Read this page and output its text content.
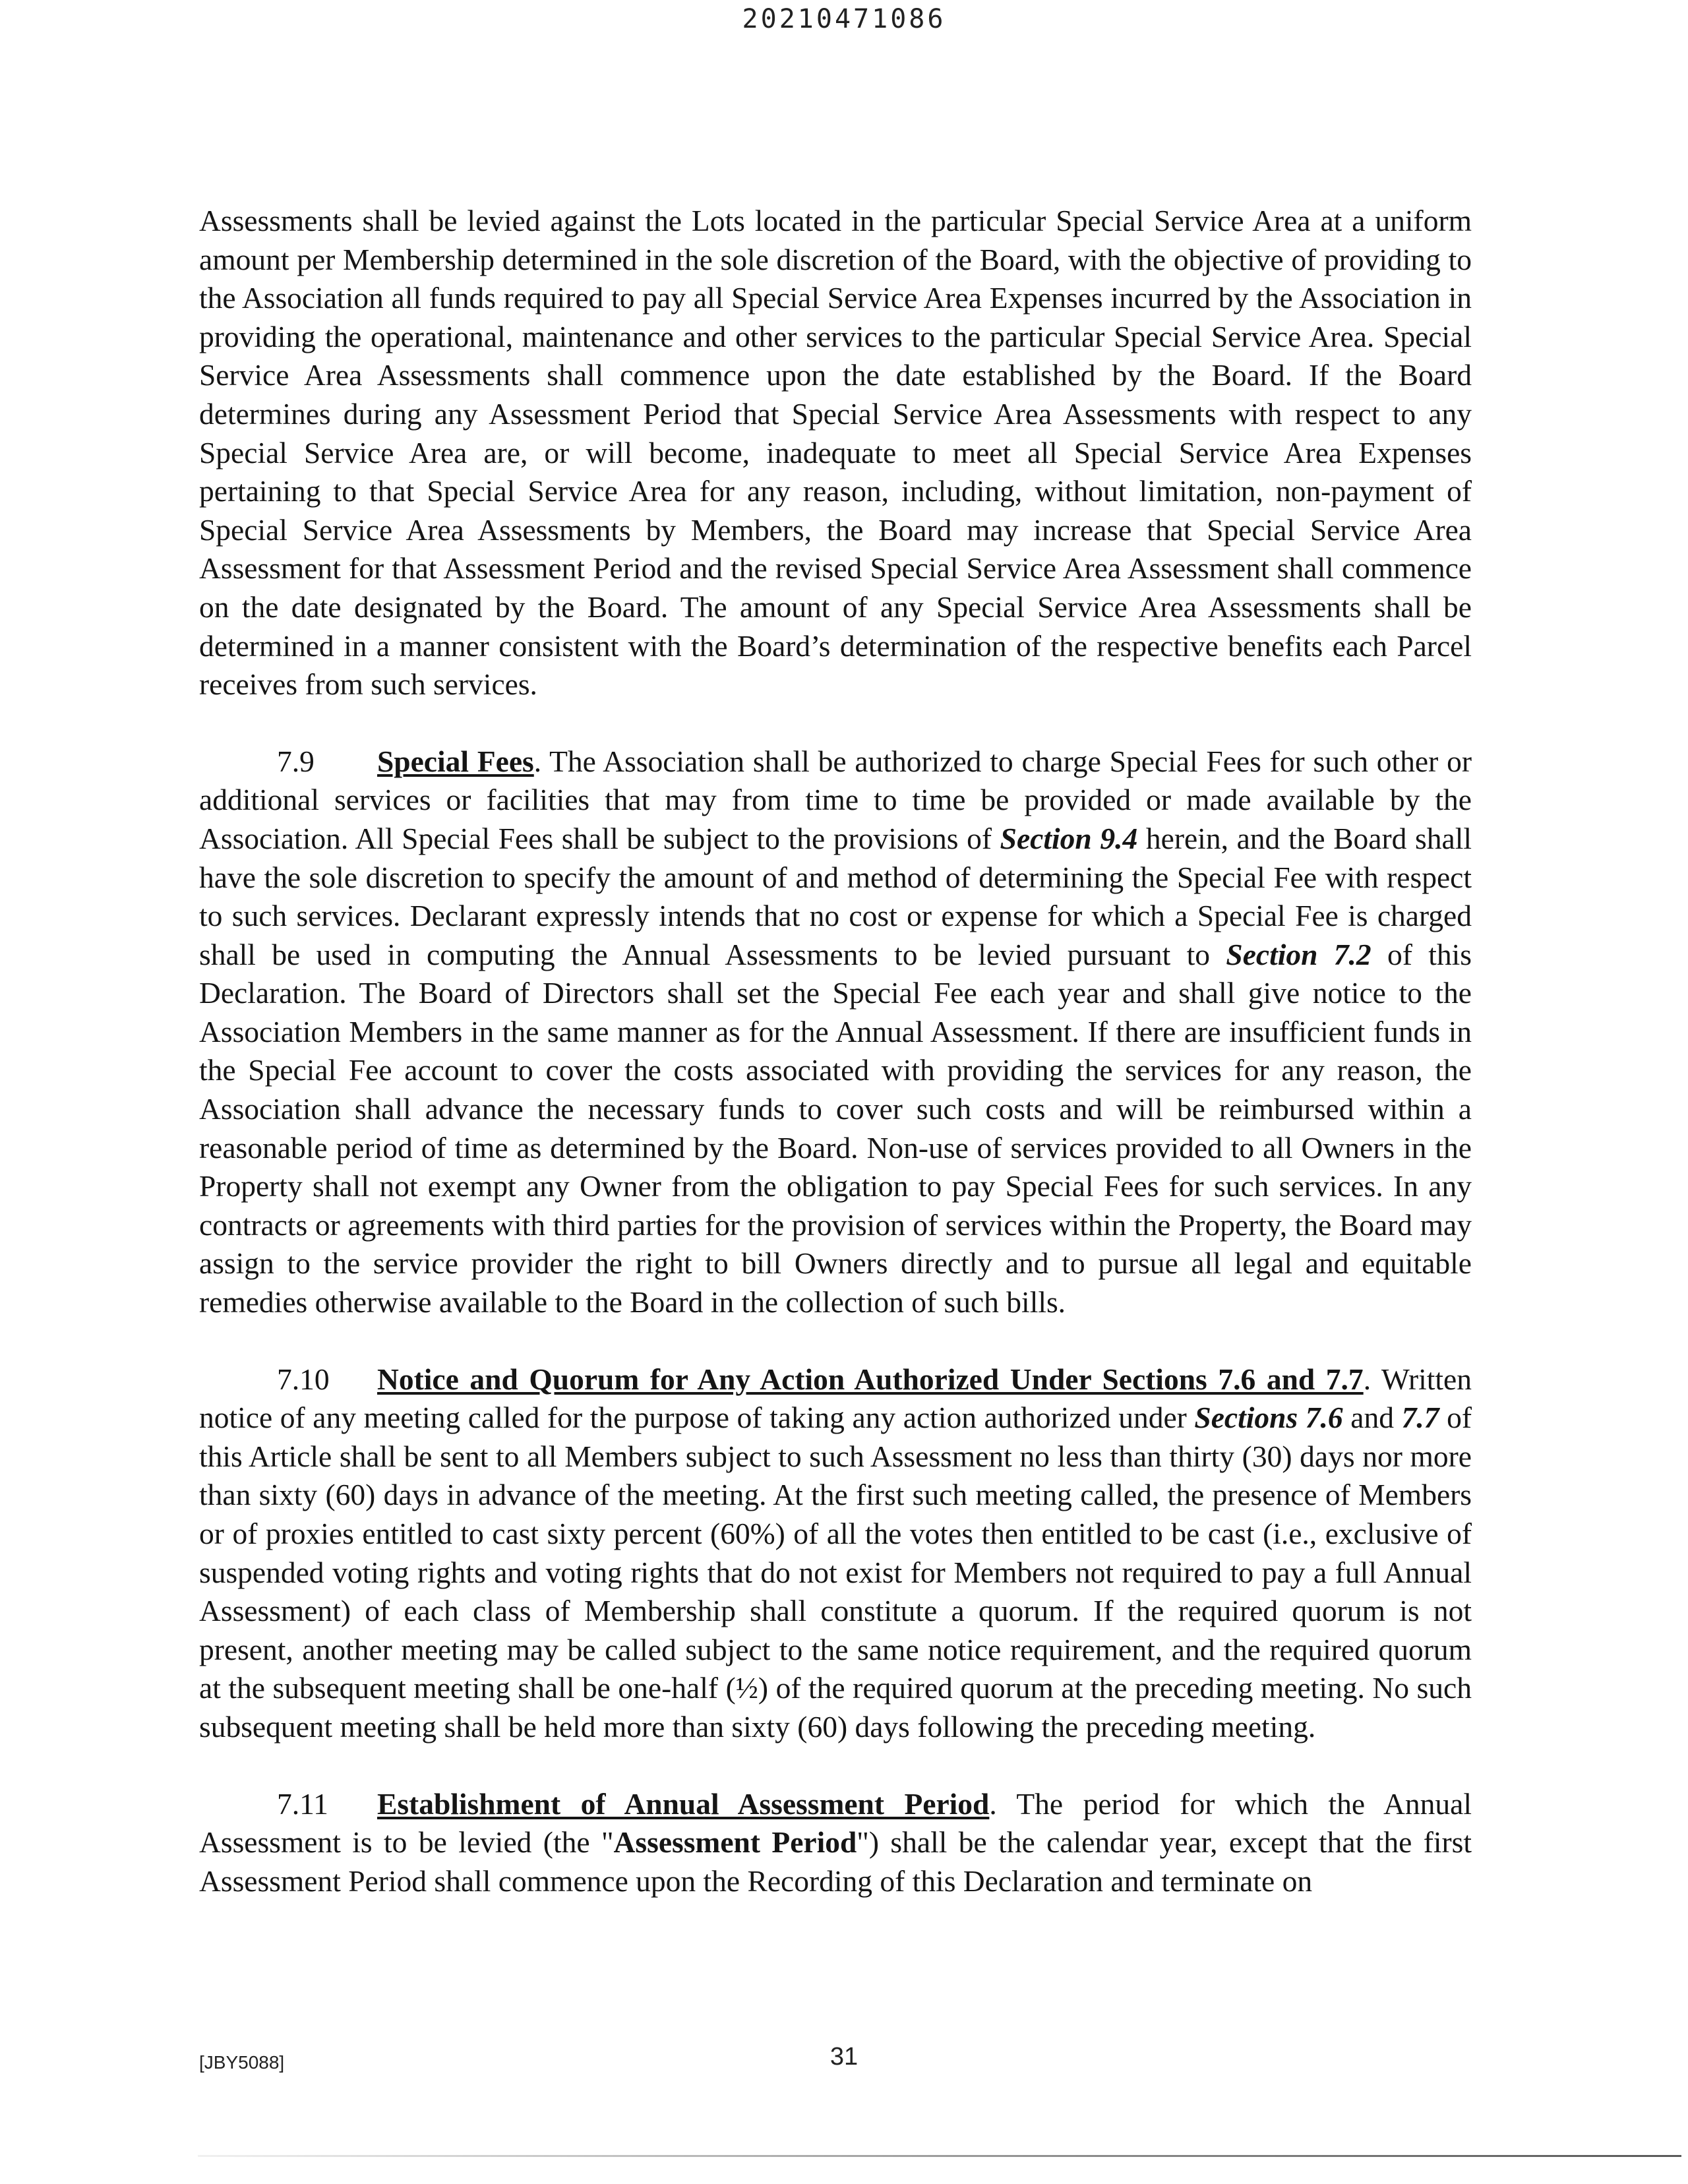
20210471086

Assessments shall be levied against the Lots located in the particular Special Service Area at a uniform amount per Membership determined in the sole discretion of the Board, with the objective of providing to the Association all funds required to pay all Special Service Area Expenses incurred by the Association in providing the operational, maintenance and other services to the particular Special Service Area. Special Service Area Assessments shall commence upon the date established by the Board. If the Board determines during any Assessment Period that Special Service Area Assessments with respect to any Special Service Area are, or will become, inadequate to meet all Special Service Area Expenses pertaining to that Special Service Area for any reason, including, without limitation, non-payment of Special Service Area Assessments by Members, the Board may increase that Special Service Area Assessment for that Assessment Period and the revised Special Service Area Assessment shall commence on the date designated by the Board. The amount of any Special Service Area Assessments shall be determined in a manner consistent with the Board’s determination of the respective benefits each Parcel receives from such services.

7.9 Special Fees. The Association shall be authorized to charge Special Fees for such other or additional services or facilities that may from time to time be provided or made available by the Association. All Special Fees shall be subject to the provisions of Section 9.4 herein, and the Board shall have the sole discretion to specify the amount of and method of determining the Special Fee with respect to such services. Declarant expressly intends that no cost or expense for which a Special Fee is charged shall be used in computing the Annual Assessments to be levied pursuant to Section 7.2 of this Declaration. The Board of Directors shall set the Special Fee each year and shall give notice to the Association Members in the same manner as for the Annual Assessment. If there are insufficient funds in the Special Fee account to cover the costs associated with providing the services for any reason, the Association shall advance the necessary funds to cover such costs and will be reimbursed within a reasonable period of time as determined by the Board. Non-use of services provided to all Owners in the Property shall not exempt any Owner from the obligation to pay Special Fees for such services. In any contracts or agreements with third parties for the provision of services within the Property, the Board may assign to the service provider the right to bill Owners directly and to pursue all legal and equitable remedies otherwise available to the Board in the collection of such bills.

7.10 Notice and Quorum for Any Action Authorized Under Sections 7.6 and 7.7. Written notice of any meeting called for the purpose of taking any action authorized under Sections 7.6 and 7.7 of this Article shall be sent to all Members subject to such Assessment no less than thirty (30) days nor more than sixty (60) days in advance of the meeting. At the first such meeting called, the presence of Members or of proxies entitled to cast sixty percent (60%) of all the votes then entitled to be cast (i.e., exclusive of suspended voting rights and voting rights that do not exist for Members not required to pay a full Annual Assessment) of each class of Membership shall constitute a quorum. If the required quorum is not present, another meeting may be called subject to the same notice requirement, and the required quorum at the subsequent meeting shall be one-half (½) of the required quorum at the preceding meeting. No such subsequent meeting shall be held more than sixty (60) days following the preceding meeting.

7.11 Establishment of Annual Assessment Period. The period for which the Annual Assessment is to be levied (the "Assessment Period") shall be the calendar year, except that the first Assessment Period shall commence upon the Recording of this Declaration and terminate on

[JBY5088]	31
